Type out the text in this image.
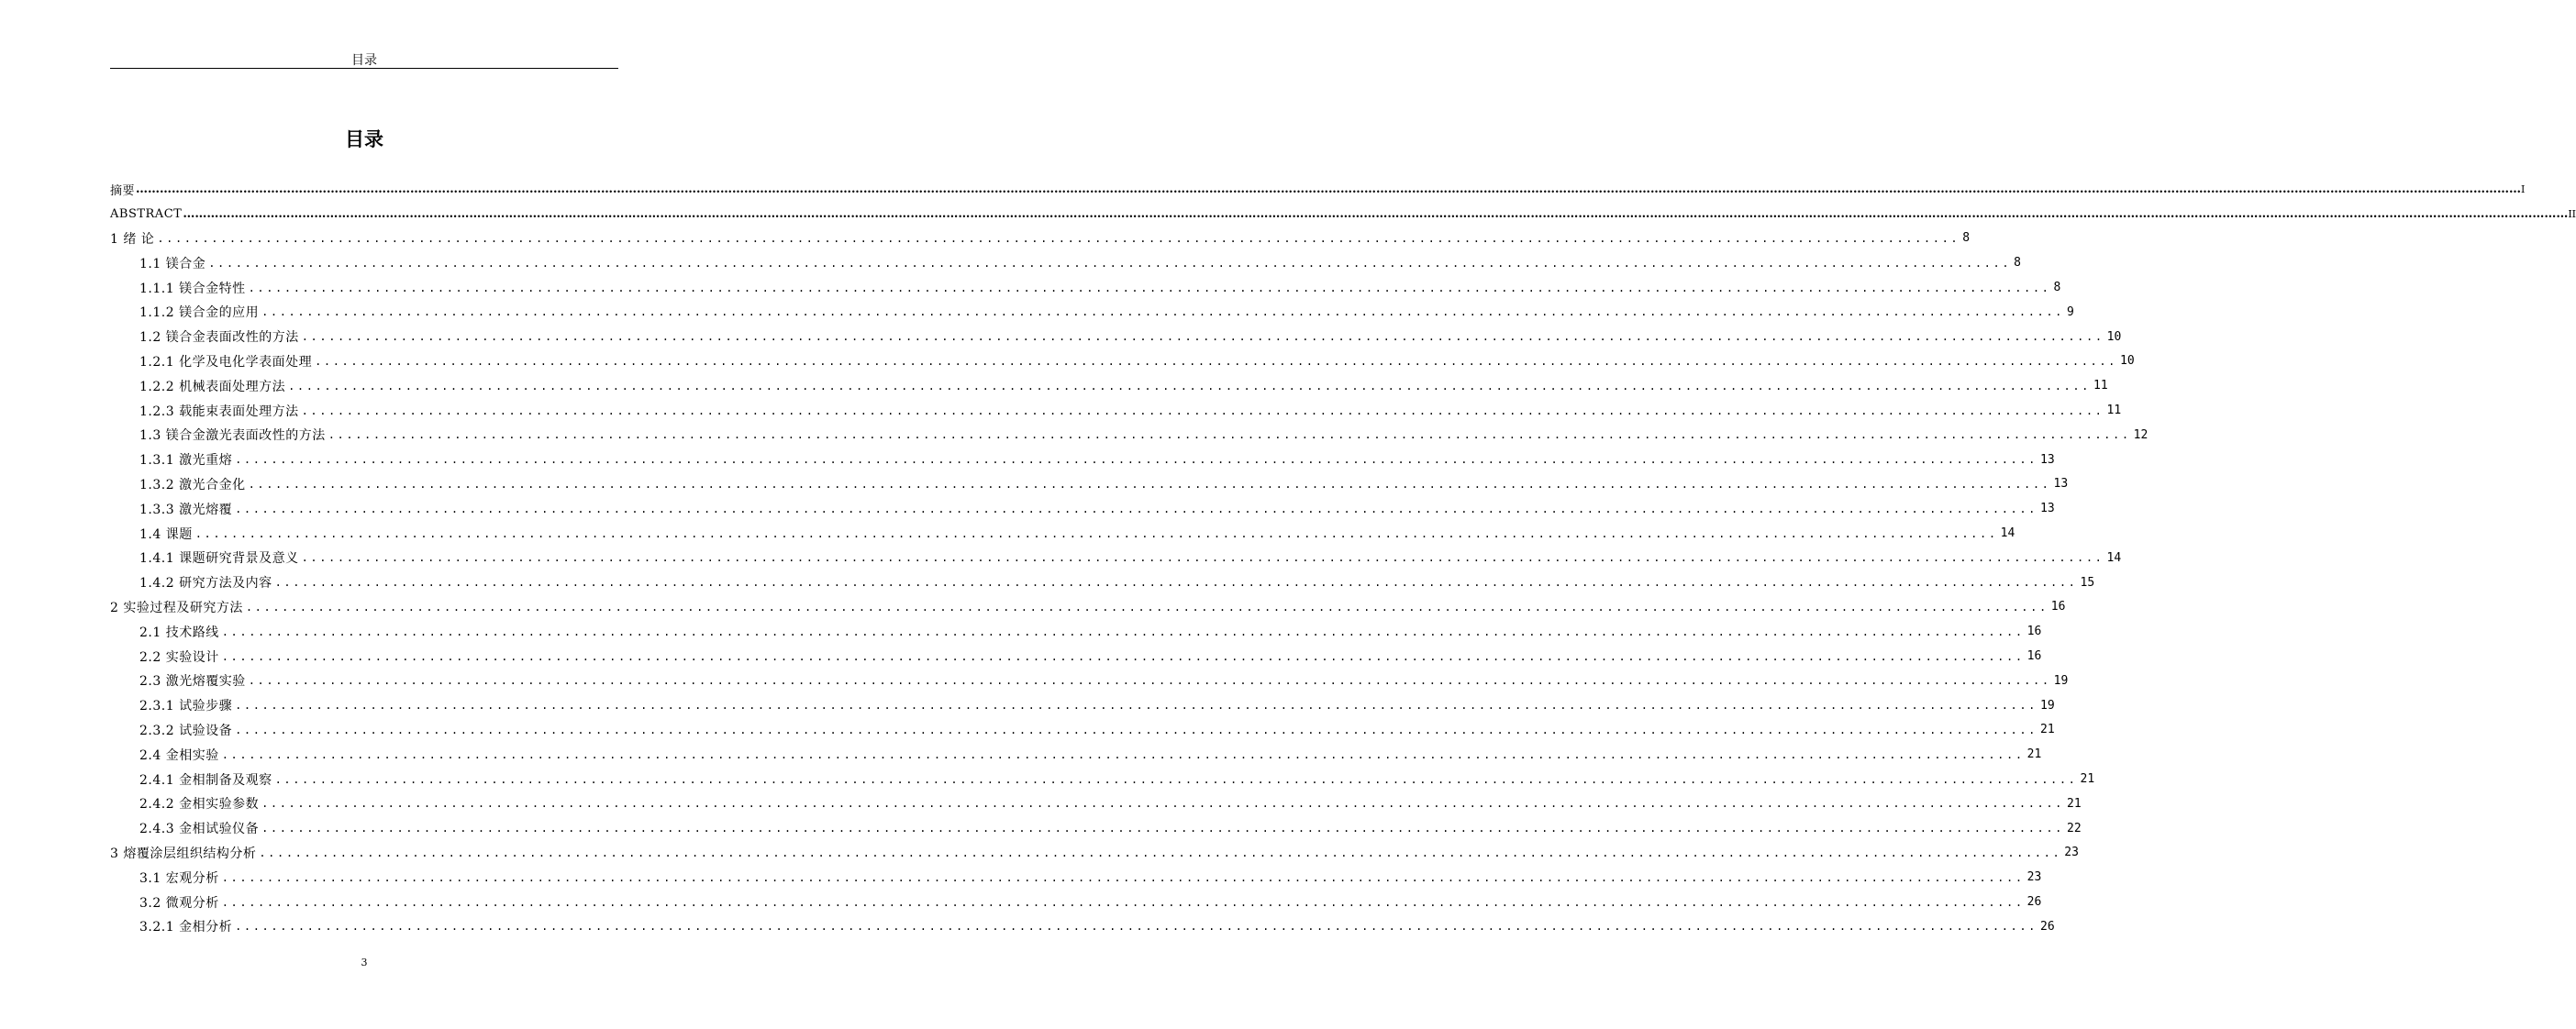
目录
目录
摘要 …………………………………………………………………………………………………………………………………………………………………………………………………………………………………………………………………………………………………………………………………………………………………………………………………………………………………………………………………………………………………………………………………………………… I
ABSTRACT …………………………………………………………………………………………………………………………………………………………………………………………………………………………………………………………………………………………………………………………………………………………………………………………………………………………………………………………………………………………………………………………………………………… II
1 绪 论 ........................................................................................................................................................................................................ 8
1.1 镁合金 ........................................................................................................................................................................................................ 8
1.1.1 镁合金特性 ........................................................................................................................................................................................................ 8
1.1.2 镁合金的应用 ........................................................................................................................................................................................................ 9
1.2 镁合金表面改性的方法 ........................................................................................................................................................................................................ 10
1.2.1 化学及电化学表面处理 ........................................................................................................................................................................................................ 10
1.2.2 机械表面处理方法 ........................................................................................................................................................................................................ 11
1.2.3 载能束表面处理方法 ........................................................................................................................................................................................................ 11
1.3 镁合金激光表面改性的方法 ........................................................................................................................................................................................................ 12
1.3.1 激光重熔 ........................................................................................................................................................................................................ 13
1.3.2 激光合金化 ........................................................................................................................................................................................................ 13
1.3.3 激光熔覆 ........................................................................................................................................................................................................ 13
1.4 课题 ........................................................................................................................................................................................................ 14
1.4.1 课题研究背景及意义 ........................................................................................................................................................................................................ 14
1.4.2 研究方法及内容 ........................................................................................................................................................................................................ 15
2 实验过程及研究方法 ........................................................................................................................................................................................................ 16
2.1 技术路线 ........................................................................................................................................................................................................ 16
2.2 实验设计 ........................................................................................................................................................................................................ 16
2.3 激光熔覆实验 ........................................................................................................................................................................................................ 19
2.3.1 试验步骤 ........................................................................................................................................................................................................ 19
2.3.2 试验设备 ........................................................................................................................................................................................................ 21
2.4 金相实验 ........................................................................................................................................................................................................ 21
2.4.1 金相制备及观察 ........................................................................................................................................................................................................ 21
2.4.2 金相实验参数 ........................................................................................................................................................................................................ 21
2.4.3 金相试验仪备 ........................................................................................................................................................................................................ 22
3 熔覆涂层组织结构分析 ........................................................................................................................................................................................................ 23
3.1 宏观分析 ........................................................................................................................................................................................................ 23
3.2 微观分析 ........................................................................................................................................................................................................ 26
3.2.1 金相分析 ........................................................................................................................................................................................................ 26
3
